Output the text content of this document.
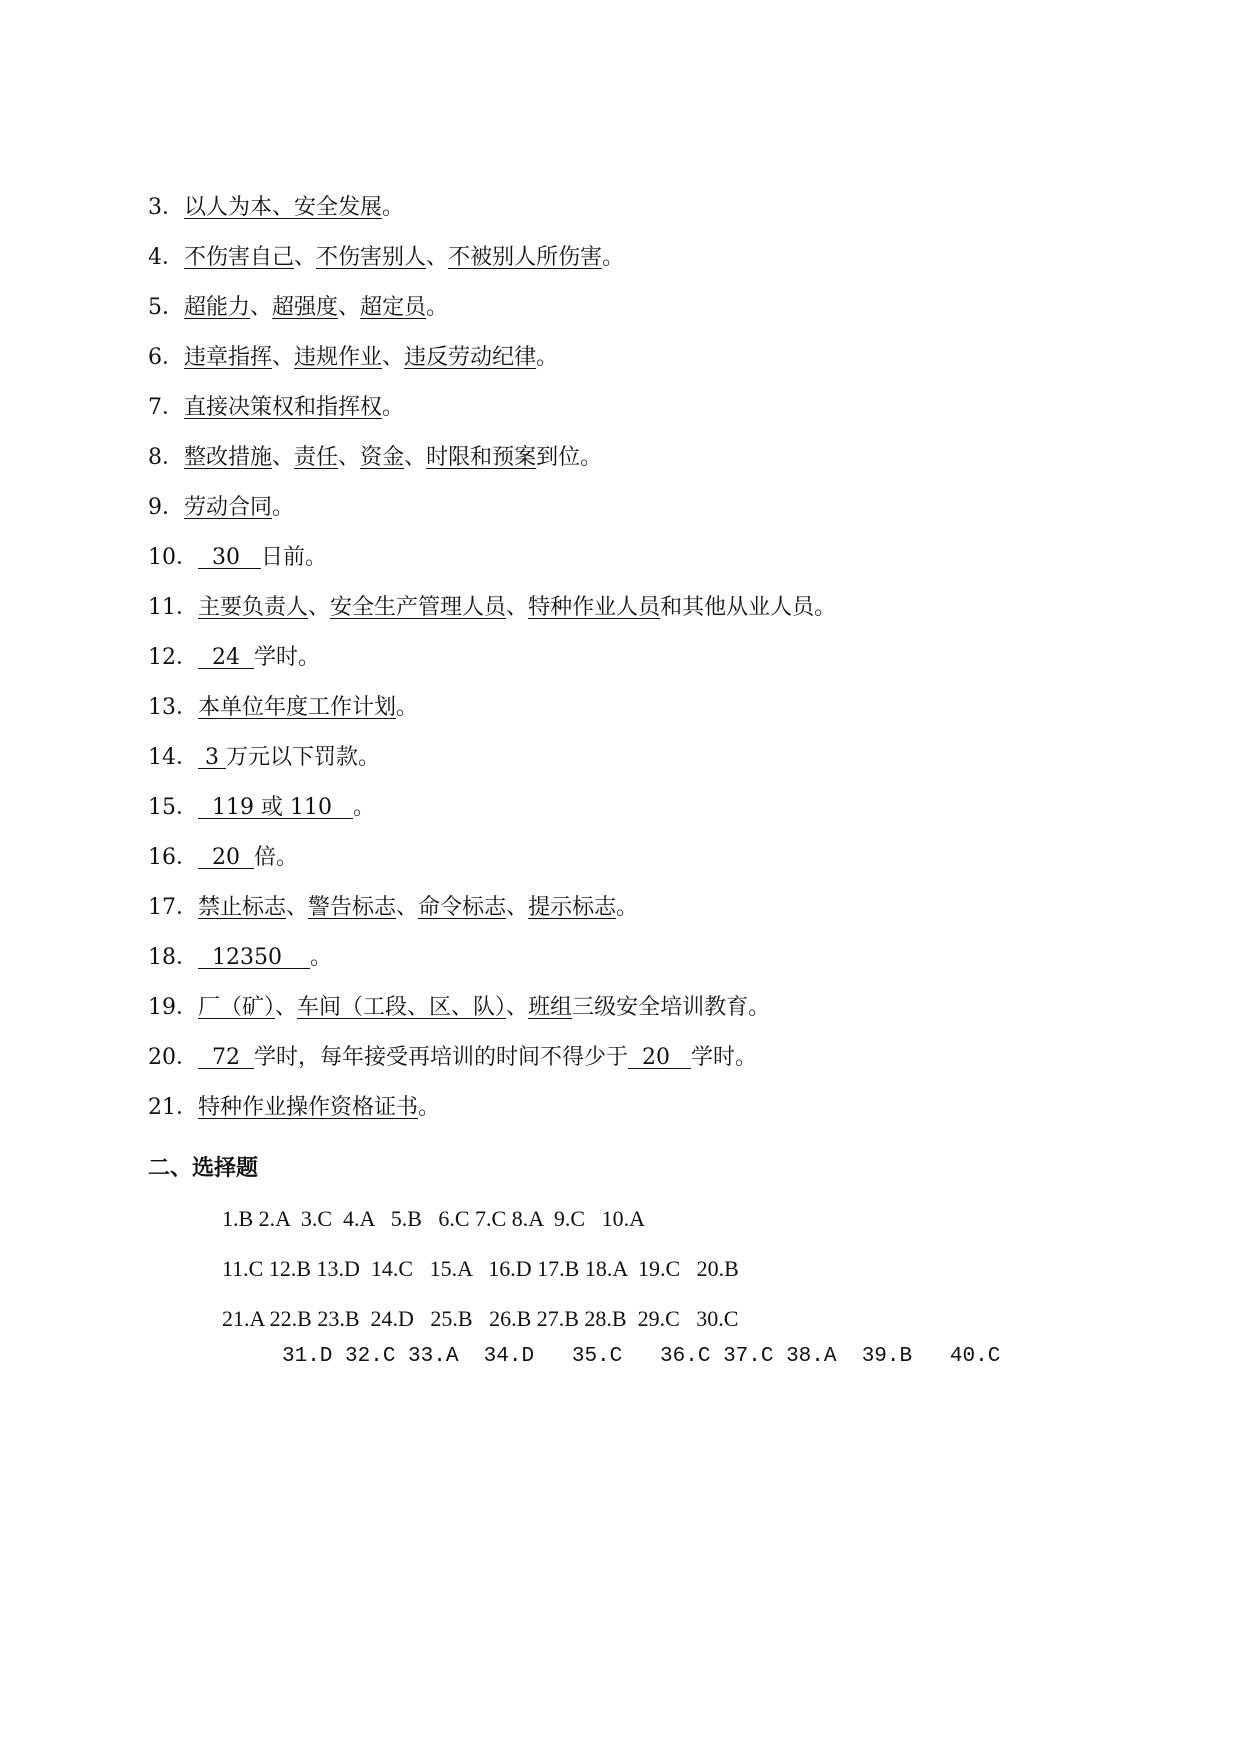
3．以人为本、安全发展。
4．不伤害自己、不伤害别人、不被别人所伤害。
5．超能力、超强度、超定员。
6．违章指挥、违规作业、违反劳动纪律。
7．直接决策权和指挥权。
8．整改措施、责任、资金、时限和预案到位。
9．劳动合同。
10．  30   日前。
11．主要负责人、安全生产管理人员、特种作业人员和其他从业人员。
12．  24  学时。
13．本单位年度工作计划。
14． 3 万元以下罚款。
15．  119 或 110   。
16．  20  倍。
17．禁止标志、警告标志、命令标志、提示标志。
18．  12350    。
19．厂（矿）、车间（工段、区、队）、班组三级安全培训教育。
20．  72  学时，每年接受再培训的时间不得少于  20   学时。
21．特种作业操作资格证书。
二、选择题
1.B 2.A  3.C  4.A   5.B   6.C 7.C 8.A  9.C   10.A
11.C 12.B 13.D  14.C   15.A   16.D 17.B 18.A  19.C   20.B
21.A 22.B 23.B  24.D   25.B   26.B 27.B 28.B  29.C   30.C
31.D 32.C 33.A  34.D   35.C   36.C 37.C 38.A  39.B   40.C
